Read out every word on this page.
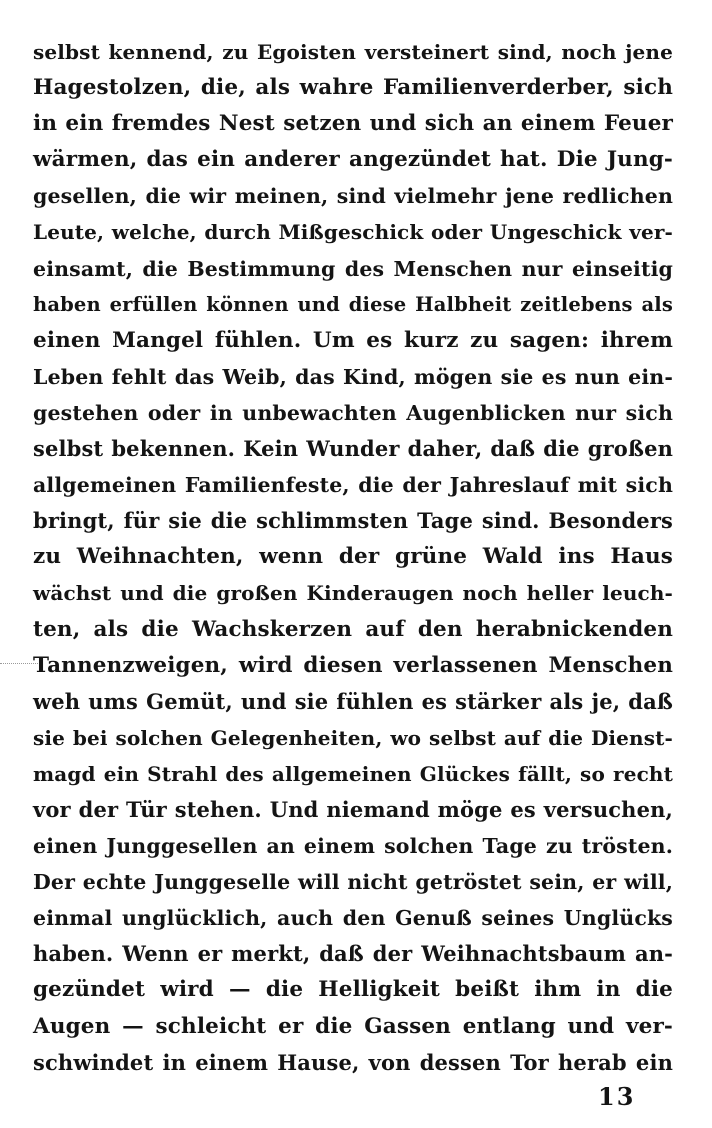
selbst kennend, zu Egoisten versteinert sind, noch jene
Hagestolzen, die, als wahre Familienverderber, sich
in ein fremdes Nest setzen und sich an einem Feuer
wärmen, das ein anderer angezündet hat. Die Jung-
gesellen, die wir meinen, sind vielmehr jene redlichen
Leute, welche, durch Mißgeschick oder Ungeschick ver-
einsamt, die Bestimmung des Menschen nur einseitig
haben erfüllen können und diese Halbheit zeitlebens als
einen Mangel fühlen. Um es kurz zu sagen: ihrem
Leben fehlt das Weib, das Kind, mögen sie es nun ein-
gestehen oder in unbewachten Augenblicken nur sich
selbst bekennen. Kein Wunder daher, daß die großen
allgemeinen Familienfeste, die der Jahreslauf mit sich
bringt, für sie die schlimmsten Tage sind. Besonders
zu Weihnachten, wenn der grüne Wald ins Haus
wächst und die großen Kinderaugen noch heller leuch-
ten, als die Wachskerzen auf den herabnickenden
Tannenzweigen, wird diesen verlassenen Menschen
weh ums Gemüt, und sie fühlen es stärker als je, daß
sie bei solchen Gelegenheiten, wo selbst auf die Dienst-
magd ein Strahl des allgemeinen Glückes fällt, so recht
vor der Tür stehen. Und niemand möge es versuchen,
einen Junggesellen an einem solchen Tage zu trösten.
Der echte Junggeselle will nicht getröstet sein, er will,
einmal unglücklich, auch den Genuß seines Unglücks
haben. Wenn er merkt, daß der Weihnachtsbaum an-
gezündet wird — die Helligkeit beißt ihm in die
Augen — schleicht er die Gassen entlang und ver-
schwindet in einem Hause, von dessen Tor herab ein
13
